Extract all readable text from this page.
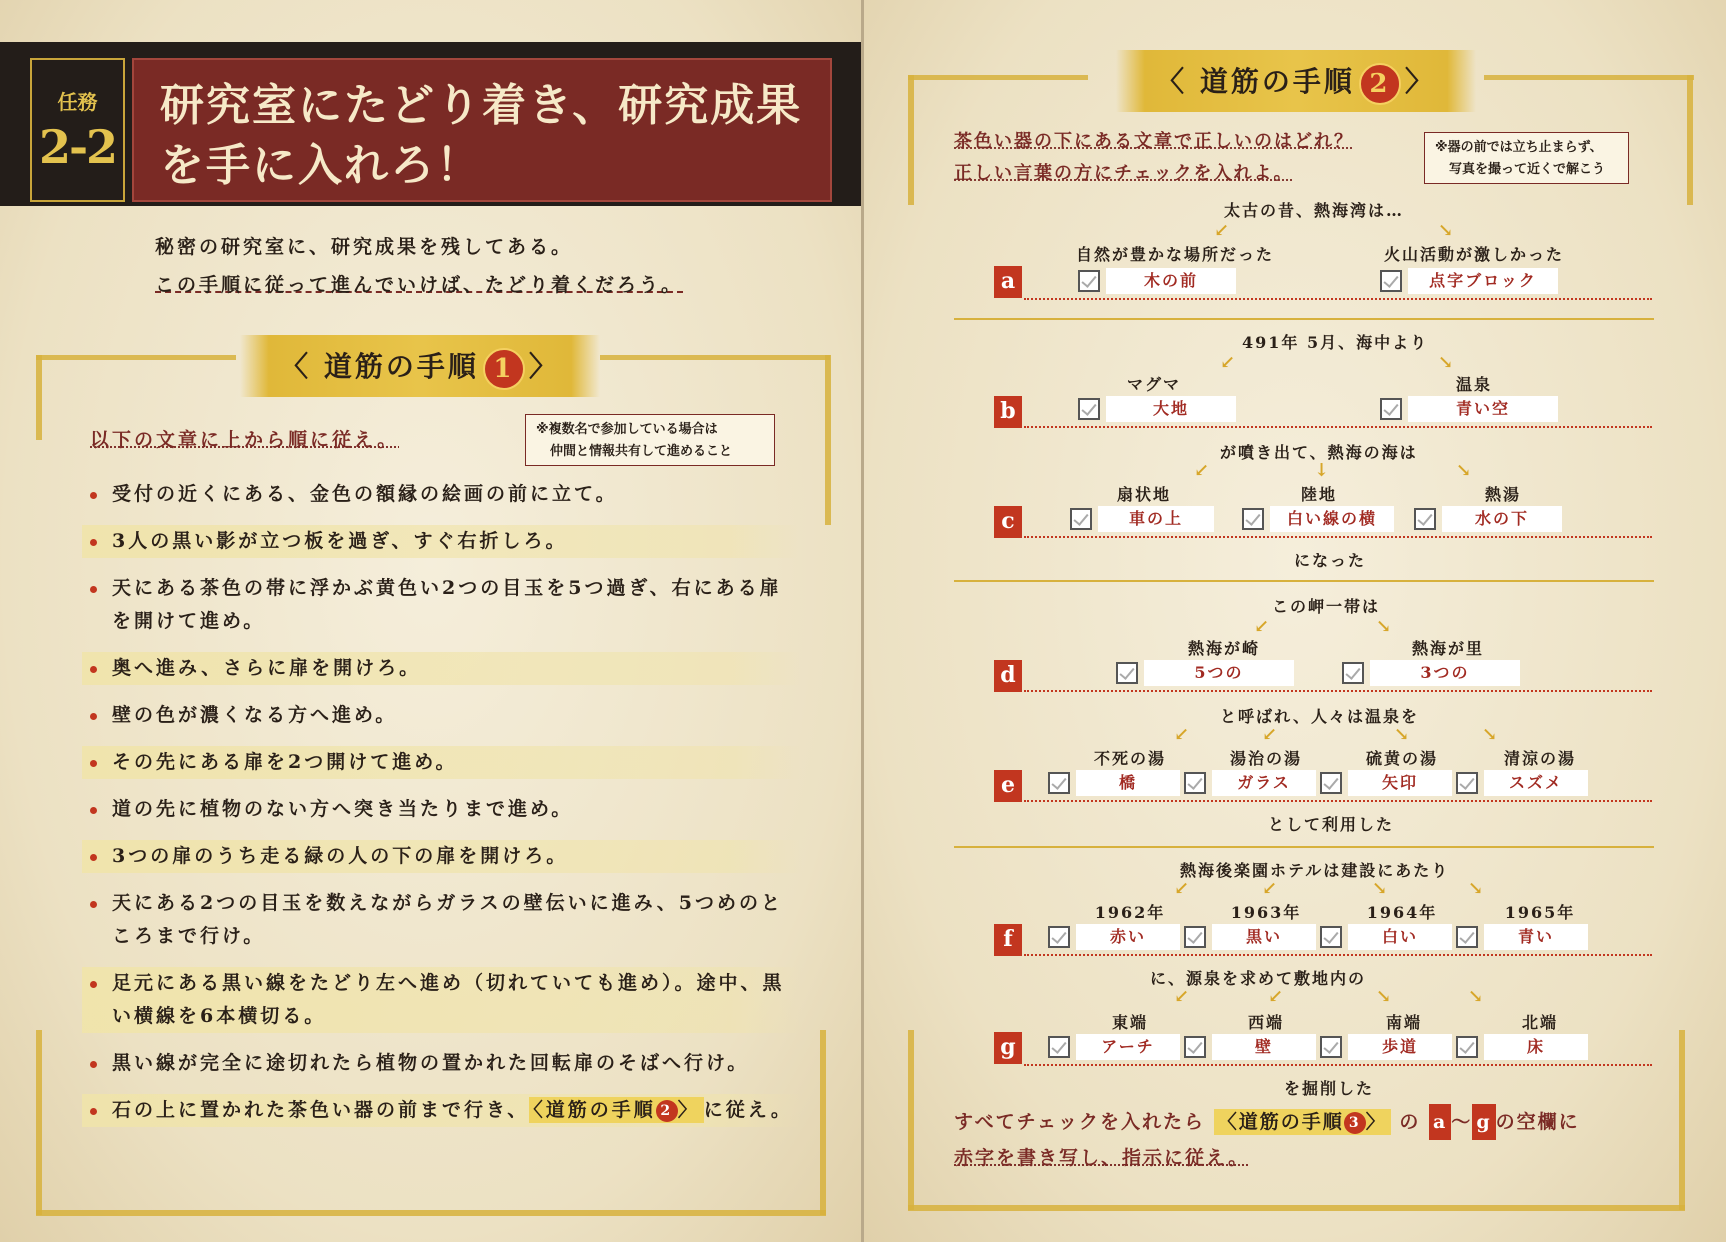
任務
2-2
研究室にたどり着き、研究成果を手に入れろ！
秘密の研究室に、研究成果を残してある。
この手順に従って進んでいけば、たどり着くだろう。
〈 道筋の手順 1 〉
以下の文章に上から順に従え。	※複数名で参加している場合は
仲間と情報共有して進めること
受付の近くにある、金色の額縁の絵画の前に立て。
3人の黒い影が立つ板を過ぎ、すぐ右折しろ。
天にある茶色の帯に浮かぶ黄色い2つの目玉を5つ過ぎ、右にある扉を開けて進め。
奥へ進み、さらに扉を開けろ。
壁の色が濃くなる方へ進め。
その先にある扉を2つ開けて進め。
道の先に植物のない方へ突き当たりまで進め。
3つの扉のうち走る緑の人の下の扉を開けろ。
天にある2つの目玉を数えながらガラスの壁伝いに進み、5つめのところまで行け。
足元にある黒い線をたどり左へ進め（切れていても進め）。途中、黒い横線を6本横切る。
黒い線が完全に途切れたら植物の置かれた回転扉のそばへ行け。
石の上に置かれた茶色い器の前まで行き、 〈道筋の手順 2 〉 に従え。
〈 道筋の手順 2 〉
茶色い器の下にある文章で正しいのはどれ？
正しい言葉の方にチェックを入れよ。
※器の前では立ち止まらず、
写真を撮って近くで解こう
太古の昔、熱海湾は…
↙	↘
自然が豊かな場所だった	火山活動が激しかった
a	木の前	点字ブロック
491年 5月、海中より
↙	↘
マグマ	温泉
b	大地	青い空
が噴き出て、熱海の海は
↙	↓	↘
扇状地	陸地	熱湯
c	車の上	白い線の横	水の下
になった
この岬一帯は
↙	↘
熱海が崎	熱海が里
d	5つの	3つの
と呼ばれ、人々は温泉を
↙	↙	↘	↘
不死の湯	湯治の湯	硫黄の湯	清涼の湯
e	橋	ガラス	矢印	スズメ
として利用した
熱海後楽園ホテルは建設にあたり
↙	↙	↘	↘
1962年	1963年	1964年	1965年
f	赤い	黒い	白い	青い
に、源泉を求めて敷地内の
↙	↙	↘	↘
東端	西端	南端	北端
g	アーチ	壁	歩道	床
を掘削した
すべてチェックを入れたら 〈道筋の手順 3 〉 の a 〜 g の空欄に
赤字を書き写し、指示に従え。
